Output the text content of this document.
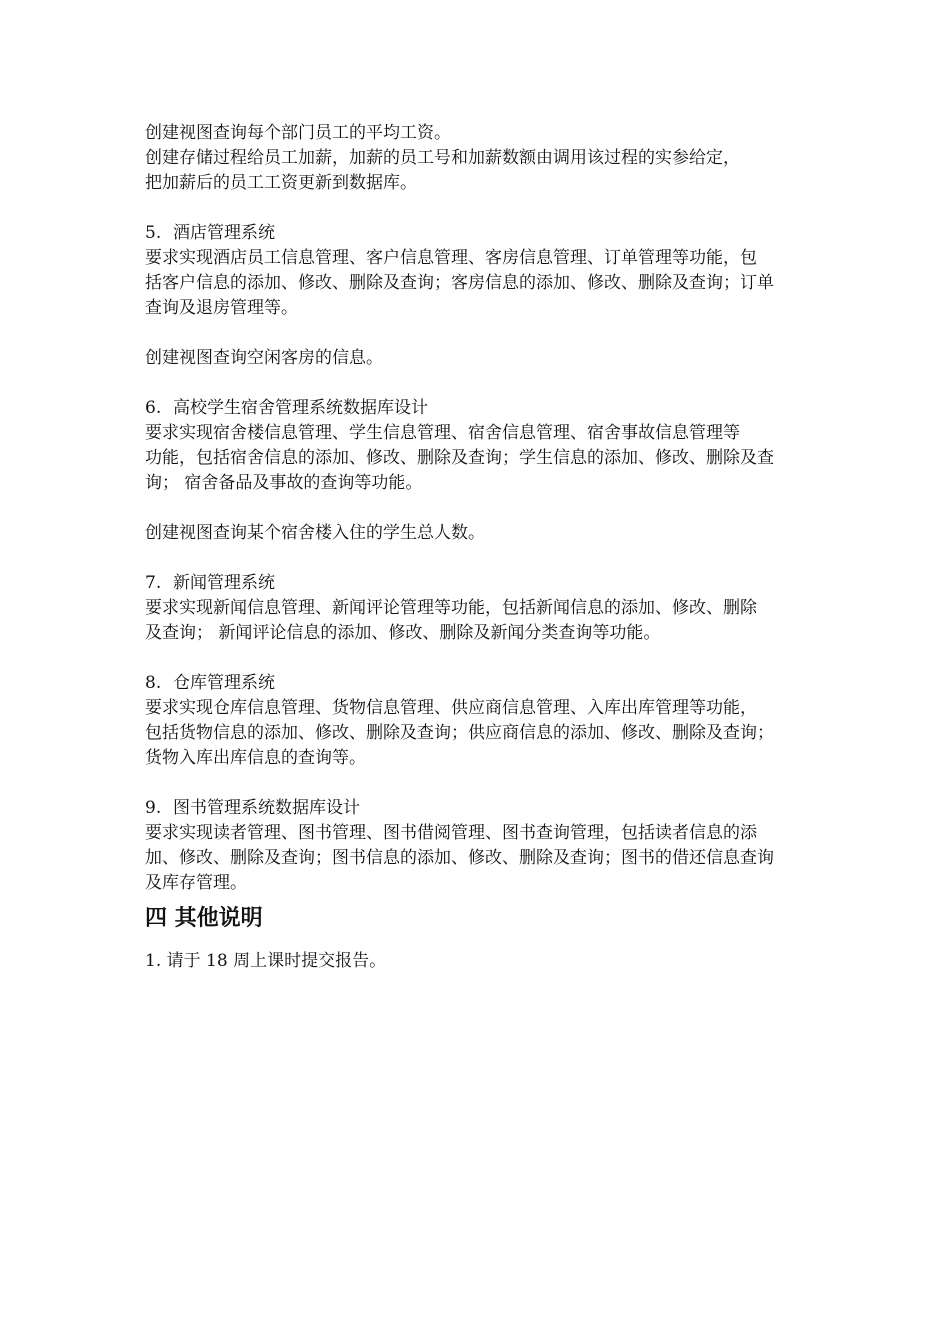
创建视图查询每个部门员工的平均工资。
创建存储过程给员工加薪，加薪的员工号和加薪数额由调用该过程的实参给定，
把加薪后的员工工资更新到数据库。
5. 酒店管理系统
要求实现酒店员工信息管理、客户信息管理、客房信息管理、订单管理等功能，包
括客户信息的添加、修改、删除及查询；客房信息的添加、修改、删除及查询；订单
查询及退房管理等。
创建视图查询空闲客房的信息。
6. 高校学生宿舍管理系统数据库设计
要求实现宿舍楼信息管理、学生信息管理、宿舍信息管理、宿舍事故信息管理等
功能，包括宿舍信息的添加、修改、删除及查询；学生信息的添加、修改、删除及查
询； 宿舍备品及事故的查询等功能。
创建视图查询某个宿舍楼入住的学生总人数。
7. 新闻管理系统
要求实现新闻信息管理、新闻评论管理等功能，包括新闻信息的添加、修改、删除
及查询； 新闻评论信息的添加、修改、删除及新闻分类查询等功能。
8. 仓库管理系统
要求实现仓库信息管理、货物信息管理、供应商信息管理、入库出库管理等功能，
包括货物信息的添加、修改、删除及查询；供应商信息的添加、修改、删除及查询；
货物入库出库信息的查询等。
9. 图书管理系统数据库设计
要求实现读者管理、图书管理、图书借阅管理、图书查询管理，包括读者信息的添
加、修改、删除及查询；图书信息的添加、修改、删除及查询；图书的借还信息查询
及库存管理。
四 其他说明
1. 请于 18 周上课时提交报告。
